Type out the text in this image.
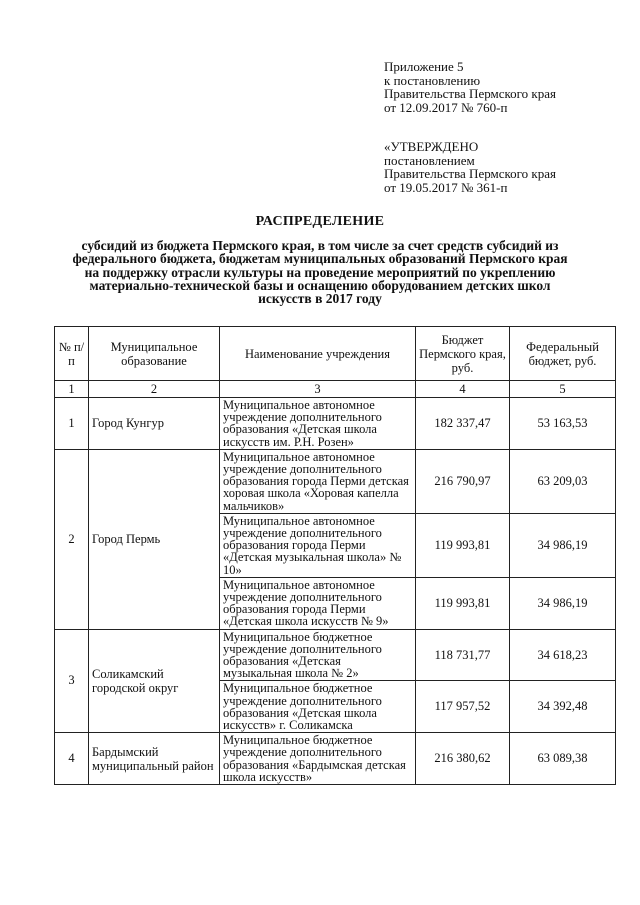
Приложение 5
к постановлению
Правительства Пермского края
от 12.09.2017 № 760-п
«УТВЕРЖДЕНО
постановлением
Правительства Пермского края
от 19.05.2017 № 361-п
РАСПРЕДЕЛЕНИЕ
субсидий из бюджета Пермского края, в том числе за счет средств субсидий из федерального бюджета, бюджетам муниципальных образований Пермского края на поддержку отрасли культуры на проведение мероприятий по укреплению материально-технической базы и оснащению оборудованием детских школ искусств в 2017 году
№ п/п	Муниципальное образование	Наименование учреждения	Бюджет Пермского края, руб.	Федеральный бюджет, руб.
1	2	3	4	5
1	Город Кунгур	Муниципальное автономное учреждение дополнительного образования «Детская школа искусств им. Р.Н. Розен»	182 337,47	53 163,53
2	Город Пермь	Муниципальное автономное учреждение дополнительного образования города Перми детская хоровая школа «Хоровая капелла мальчиков»	216 790,97	63 209,03
		Муниципальное автономное учреждение дополнительного образования города Перми «Детская музыкальная школа» № 10»	119 993,81	34 986,19
		Муниципальное автономное учреждение дополнительного образования города Перми «Детская школа искусств № 9»	119 993,81	34 986,19
3	Соликамский городской округ	Муниципальное бюджетное учреждение дополнительного образования «Детская музыкальная школа № 2»	118 731,77	34 618,23
		Муниципальное бюджетное учреждение дополнительного образования «Детская школа искусств» г. Соликамска	117 957,52	34 392,48
4	Бардымский муниципальный район	Муниципальное бюджетное учреждение дополнительного образования «Бардымская детская школа искусств»	216 380,62	63 089,38
